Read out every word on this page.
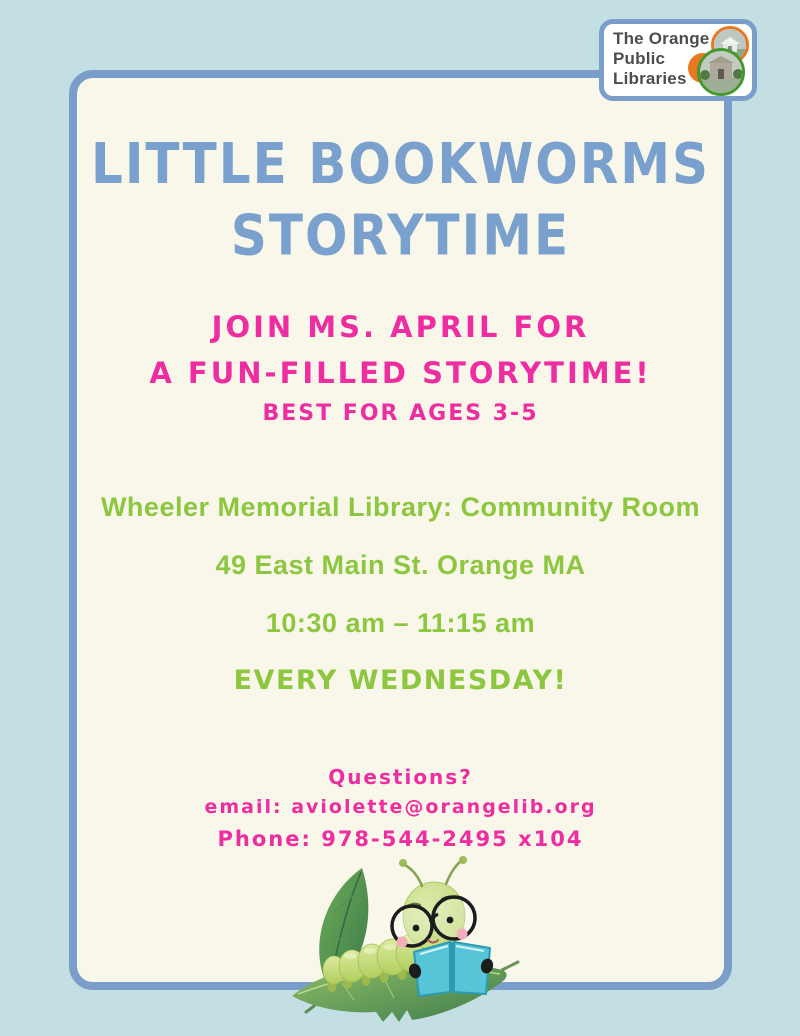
The Orange
Public
Libraries
LITTLE BOOKWORMS
STORYTIME
JOIN MS. APRIL FOR
A FUN-FILLED STORYTIME!
BEST FOR AGES 3-5
Wheeler Memorial Library: Community Room
49 East Main St. Orange MA
10:30 am – 11:15 am
EVERY WEDNESDAY!
Questions?
email: aviolette@orangelib.org
Phone: 978-544-2495 x104
